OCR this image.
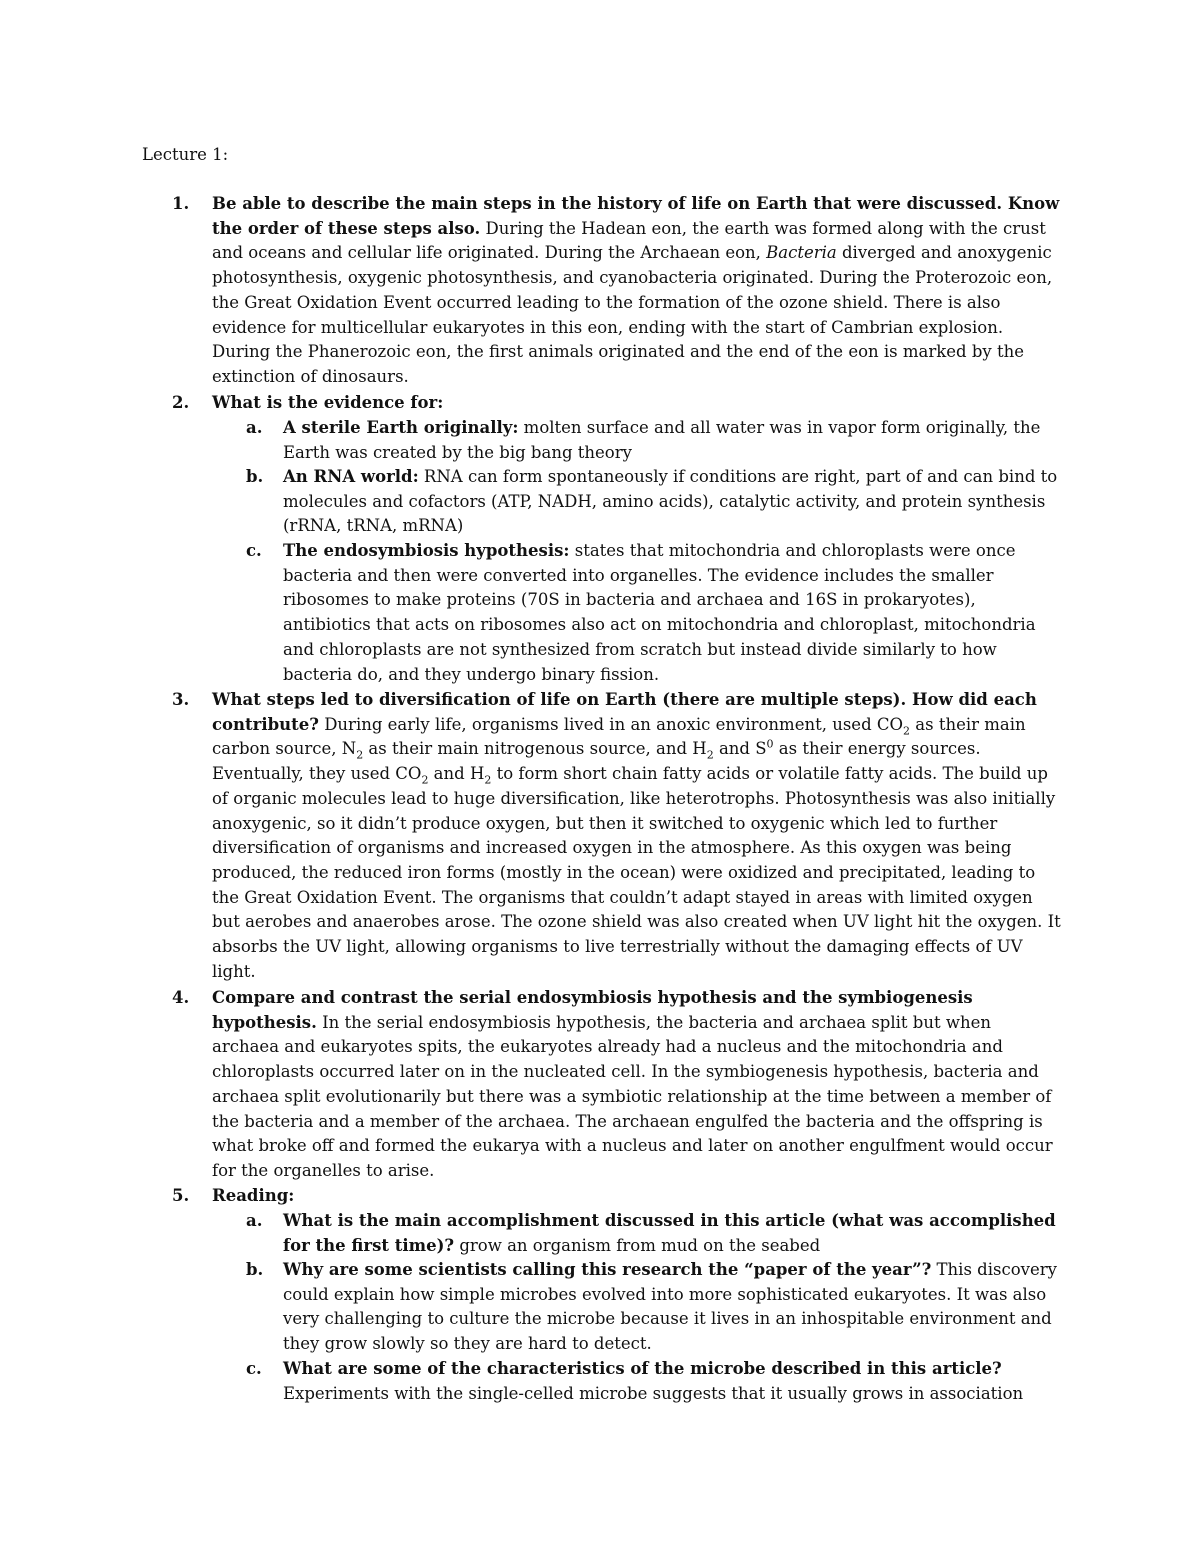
Lecture 1:
1. Be able to describe the main steps in the history of life on Earth that were discussed. Know the order of these steps also. During the Hadean eon, the earth was formed along with the crust and oceans and cellular life originated. During the Archaean eon, Bacteria diverged and anoxygenic photosynthesis, oxygenic photosynthesis, and cyanobacteria originated. During the Proterozoic eon, the Great Oxidation Event occurred leading to the formation of the ozone shield. There is also evidence for multicellular eukaryotes in this eon, ending with the start of Cambrian explosion. During the Phanerozoic eon, the first animals originated and the end of the eon is marked by the extinction of dinosaurs.
2. What is the evidence for:
a. A sterile Earth originally: molten surface and all water was in vapor form originally, the Earth was created by the big bang theory
b. An RNA world: RNA can form spontaneously if conditions are right, part of and can bind to molecules and cofactors (ATP, NADH, amino acids), catalytic activity, and protein synthesis (rRNA, tRNA, mRNA)
c. The endosymbiosis hypothesis: states that mitochondria and chloroplasts were once bacteria and then were converted into organelles. The evidence includes the smaller ribosomes to make proteins (70S in bacteria and archaea and 16S in prokaryotes), antibiotics that acts on ribosomes also act on mitochondria and chloroplast, mitochondria and chloroplasts are not synthesized from scratch but instead divide similarly to how bacteria do, and they undergo binary fission.
3. What steps led to diversification of life on Earth (there are multiple steps). How did each contribute? During early life, organisms lived in an anoxic environment, used $CO_2$ as their main carbon source, $N_2$ as their main nitrogenous source, and $H_2$ and $S^0$ as their energy sources. Eventually, they used $CO_2$ and $H_2$ to form short chain fatty acids or volatile fatty acids. The build up of organic molecules lead to huge diversification, like heterotrophs. Photosynthesis was also initially anoxygenic, so it didn’t produce oxygen, but then it switched to oxygenic which led to further diversification of organisms and increased oxygen in the atmosphere. As this oxygen was being produced, the reduced iron forms (mostly in the ocean) were oxidized and precipitated, leading to the Great Oxidation Event. The organisms that couldn’t adapt stayed in areas with limited oxygen but aerobes and anaerobes arose. The ozone shield was also created when UV light hit the oxygen. It absorbs the UV light, allowing organisms to live terrestrially without the damaging effects of UV light.
4. Compare and contrast the serial endosymbiosis hypothesis and the symbiogenesis hypothesis. In the serial endosymbiosis hypothesis, the bacteria and archaea split but when archaea and eukaryotes spits, the eukaryotes already had a nucleus and the mitochondria and chloroplasts occurred later on in the nucleated cell. In the symbiogenesis hypothesis, bacteria and archaea split evolutionarily but there was a symbiotic relationship at the time between a member of the bacteria and a member of the archaea. The archaean engulfed the bacteria and the offspring is what broke off and formed the eukarya with a nucleus and later on another engulfment would occur for the organelles to arise.
5. Reading:
a. What is the main accomplishment discussed in this article (what was accomplished for the first time)? grow an organism from mud on the seabed
b. Why are some scientists calling this research the “paper of the year”? This discovery could explain how simple microbes evolved into more sophisticated eukaryotes. It was also very challenging to culture the microbe because it lives in an inhospitable environment and they grow slowly so they are hard to detect.
c. What are some of the characteristics of the microbe described in this article? Experiments with the single-celled microbe suggests that it usually grows in association
